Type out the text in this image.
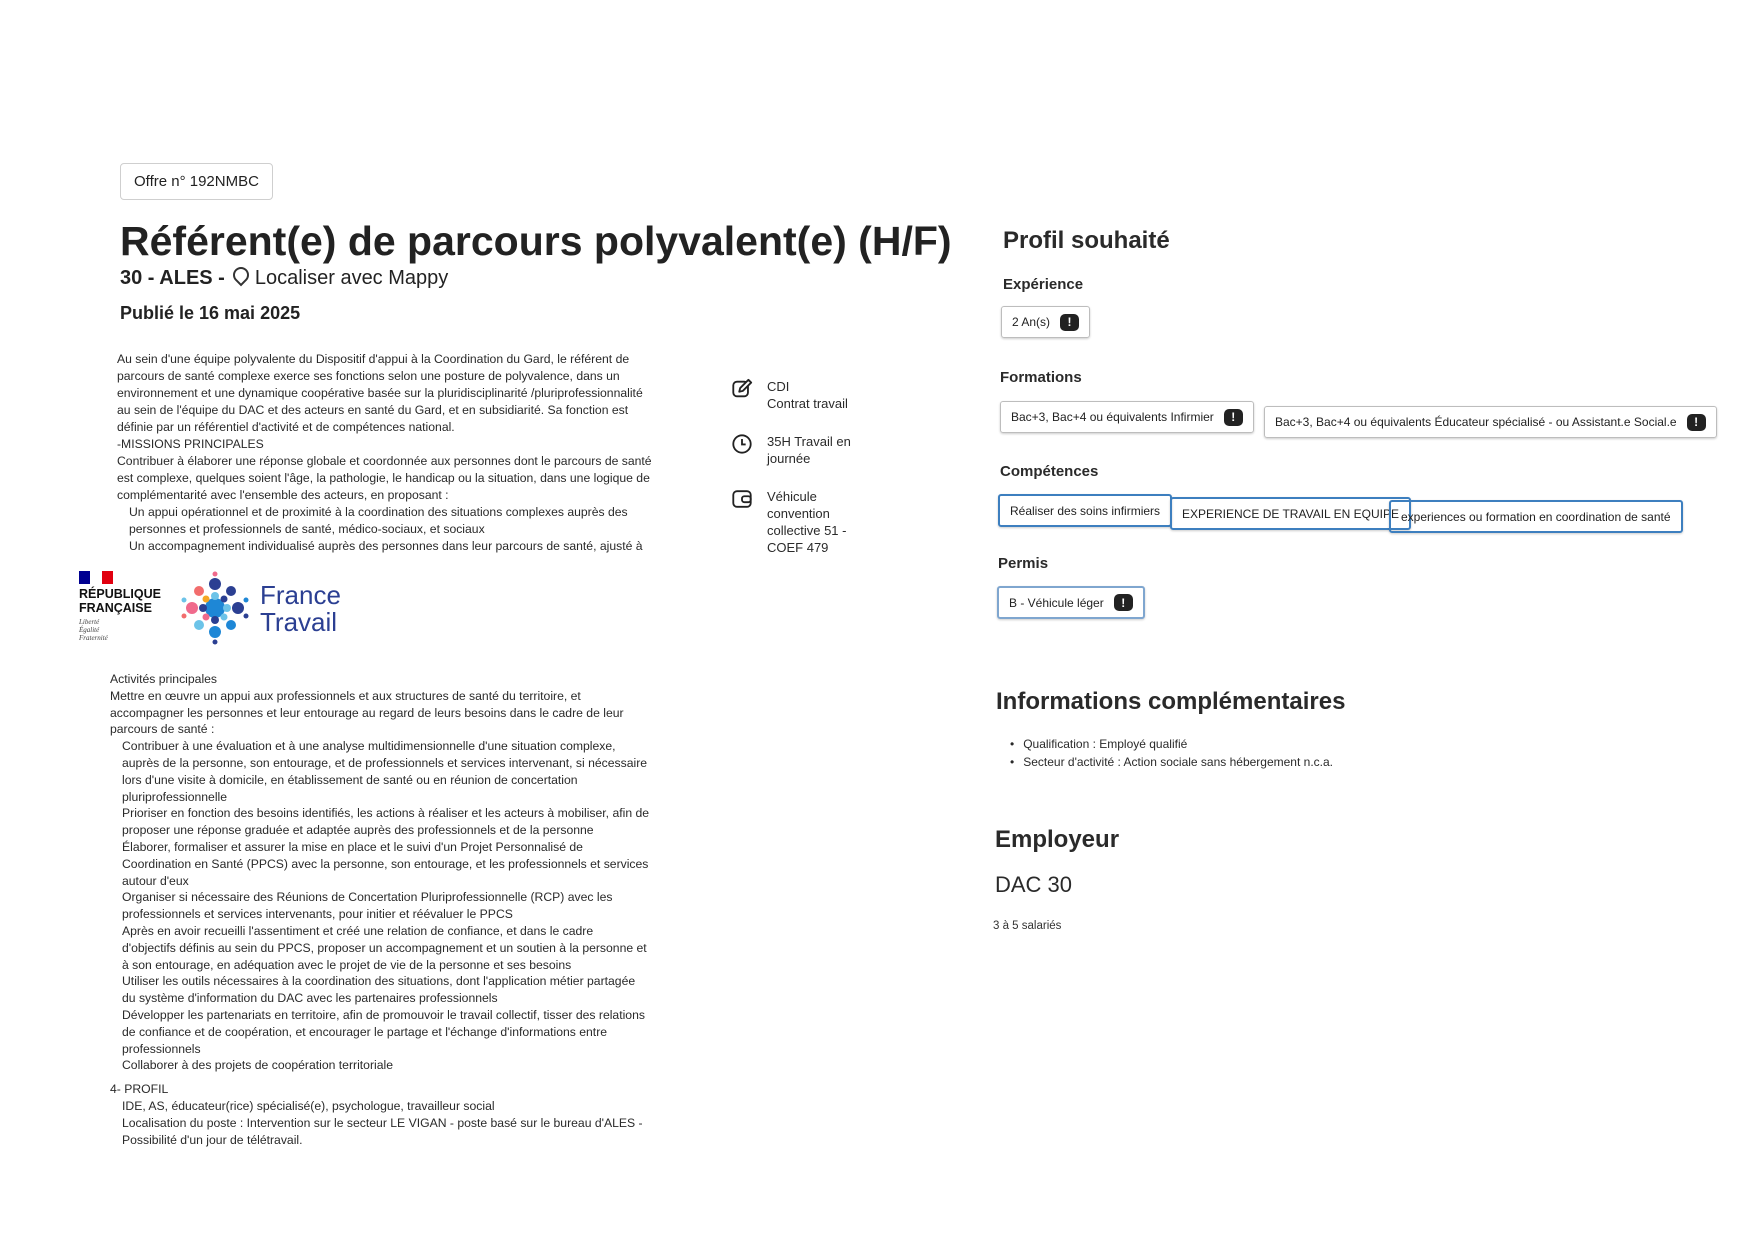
Offre n° 192NMBC
Référent(e) de parcours polyvalent(e) (H/F)
30 - ALES - Localiser avec Mappy
Publié le 16 mai 2025

Au sein d'une équipe polyvalente du Dispositif d'appui à la Coordination du Gard, le référent de parcours de santé complexe exerce ses fonctions selon une posture de polyvalence, dans un environnement et une dynamique coopérative basée sur la pluridisciplinarité /pluriprofessionnalité au sein de l'équipe du DAC et des acteurs en santé du Gard, et en subsidiarité. Sa fonction est définie par un référentiel d'activité et de compétences national.

-MISSIONS PRINCIPALES

Contribuer à élaborer une réponse globale et coordonnée aux personnes dont le parcours de santé est complexe, quelques soient l'âge, la pathologie, le handicap ou la situation, dans une logique de complémentarité avec l'ensemble des acteurs, en proposant :

Un appui opérationnel et de proximité à la coordination des situations complexes auprès des personnes et professionnels de santé, médico-sociaux, et sociaux

Un accompagnement individualisé auprès des personnes dans leur parcours de santé, ajusté à

CDI
Contrat travail
35H Travail en journée
Véhicule convention collective 51 - COEF 479
RÉPUBLIQUE
FRANÇAISE
Liberté
Égalité
Fraternité
France
Travail

Activités principales

Mettre en œuvre un appui aux professionnels et aux structures de santé du territoire, et accompagner les personnes et leur entourage au regard de leurs besoins dans le cadre de leur parcours de santé :

Contribuer à une évaluation et à une analyse multidimensionnelle d'une situation complexe, auprès de la personne, son entourage, et de professionnels et services intervenant, si nécessaire lors d'une visite à domicile, en établissement de santé ou en réunion de concertation pluriprofessionnelle

Prioriser en fonction des besoins identifiés, les actions à réaliser et les acteurs à mobiliser, afin de proposer une réponse graduée et adaptée auprès des professionnels et de la personne

Élaborer, formaliser et assurer la mise en place et le suivi d'un Projet Personnalisé de Coordination en Santé (PPCS) avec la personne, son entourage, et les professionnels et services autour d'eux

Organiser si nécessaire des Réunions de Concertation Pluriprofessionnelle (RCP) avec les professionnels et services intervenants, pour initier et réévaluer le PPCS

Après en avoir recueilli l'assentiment et créé une relation de confiance, et dans le cadre d'objectifs définis au sein du PPCS, proposer un accompagnement et un soutien à la personne et à son entourage, en adéquation avec le projet de vie de la personne et ses besoins

Utiliser les outils nécessaires à la coordination des situations, dont l'application métier partagée du système d'information du DAC avec les partenaires professionnels

Développer les partenariats en territoire, afin de promouvoir le travail collectif, tisser des relations de confiance et de coopération, et encourager le partage et l'échange d'informations entre professionnels

Collaborer à des projets de coopération territoriale

4- PROFIL

IDE, AS, éducateur(rice) spécialisé(e), psychologue, travailleur social

Localisation du poste : Intervention sur le secteur LE VIGAN - poste basé sur le bureau d'ALES - Possibilité d'un jour de télétravail.

Profil souhaité
Expérience
2 An(s)	!
Formations
Bac+3, Bac+4 ou équivalents Infirmier	!	Bac+3, Bac+4 ou équivalents Éducateur spécialisé - ou Assistant.e Social.e	!
Compétences
Réaliser des soins infirmiers EXPERIENCE DE TRAVAIL EN EQUIPE experiences ou formation en coordination de santé
Permis
B - Véhicule léger	!
Informations complémentaires
• Qualification : Employé qualifié
• Secteur d'activité : Action sociale sans hébergement n.c.a.
Employeur
DAC 30
3 à 5 salariés
